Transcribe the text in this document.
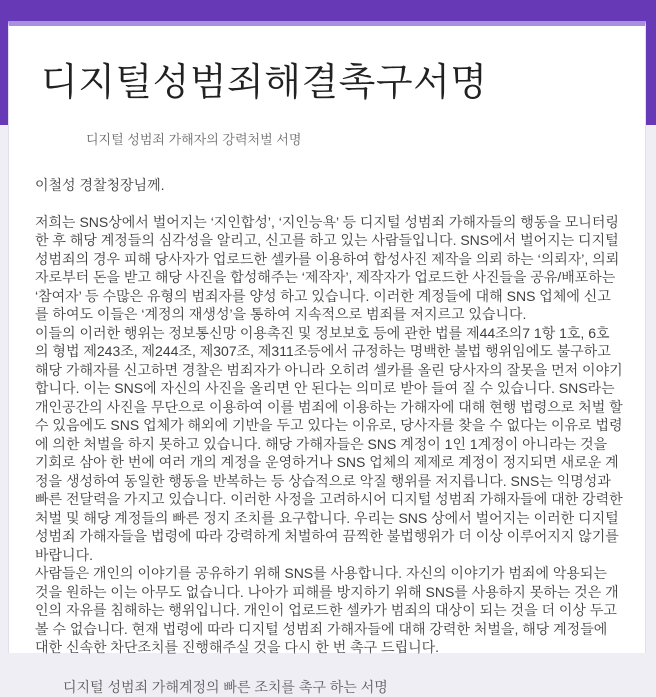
디지털성범죄해결촉구서명
디지털 성범죄 가해자의 강력처벌 서명

이철성 경찰청장님께.

저희는 SNS상에서 벌어지는 ‘지인합성’, ‘지인능욕’ 등 디지털 성범죄 가해자들의 행동을 모니터링 한 후 해당 계정들의 심각성을 알리고, 신고를 하고 있는 사람들입니다. SNS에서 벌어지는 디지털성범죄의 경우 피해 당사자가 업로드한 셀카를 이용하여 합성사진 제작을 의뢰 하는 ‘의뢰자’, 의뢰자로부터 돈을 받고 해당 사진을 합성해주는 ‘제작자’, 제작자가 업로드한 사진들을 공유/배포하는 ‘참여자’ 등 수많은 유형의 범죄자를 양성 하고 있습니다. 이러한 계정들에 대해 SNS 업체에 신고를 하여도 이들은 ‘계정의 재생성’을 통하여 지속적으로 범죄를 저지르고 있습니다.

이들의 이러한 행위는 정보통신망 이용촉진 및 정보보호 등에 관한 법를 제44조의7 1항 1호, 6호의 형법 제243조, 제244조, 제307조, 제311조등에서 규정하는 명백한 불법 행위임에도 불구하고 해당 가해자를 신고하면 경찰은 범죄자가 아니라 오히려 셀카를 올린 당사자의 잘못을 먼저 이야기 합니다. 이는 SNS에 자신의 사진을 올리면 안 된다는 의미로 받아 들여 질 수 있습니다. SNS라는 개인공간의 사진을 무단으로 이용하여 이를 범죄에 이용하는 가해자에 대해 현행 법령으로 처벌 할 수 있음에도 SNS 업체가 해외에 기반을 두고 있다는 이유로, 당사자를 찾을 수 없다는 이유로 법령에 의한 처벌을 하지 못하고 있습니다. 해당 가해자들은 SNS 계정이 1인 1계정이 아니라는 것을 기회로 삼아 한 번에 여러 개의 계정을 운영하거나 SNS 업체의 제제로 계정이 정지되면 새로운 계정을 생성하여 동일한 행동을 반복하는 등 상습적으로 악질 행위를 저지릅니다. SNS는 익명성과 빠른 전달력을 가지고 있습니다. 이러한 사정을 고려하시어 디지털 성범죄 가해자들에 대한 강력한 처벌 및 해당 계정들의 빠른 정지 조치를 요구합니다. 우리는 SNS 상에서 벌어지는 이러한 디지털 성범죄 가해자들을 법령에 따라 강력하게 처벌하여 끔찍한 불법행위가 더 이상 이루어지지 않기를 바랍니다.

사람들은 개인의 이야기를 공유하기 위해 SNS를 사용합니다. 자신의 이야기가 범죄에 악용되는 것을 원하는 이는 아무도 없습니다. 나아가 피해를 방지하기 위해 SNS를 사용하지 못하는 것은 개인의 자유를 침해하는 행위입니다. 개인이 업로드한 셀카가 범죄의 대상이 되는 것을 더 이상 두고 볼 수 없습니다. 현재 법령에 따라 디지털 성범죄 가해자들에 대해 강력한 처벌을, 해당 계정들에 대한 신속한 차단조치를 진행해주실 것을 다시 한 번 촉구 드립니다.

디지털 성범죄 가해계정의 빠른 조치를 촉구 하는 서명
